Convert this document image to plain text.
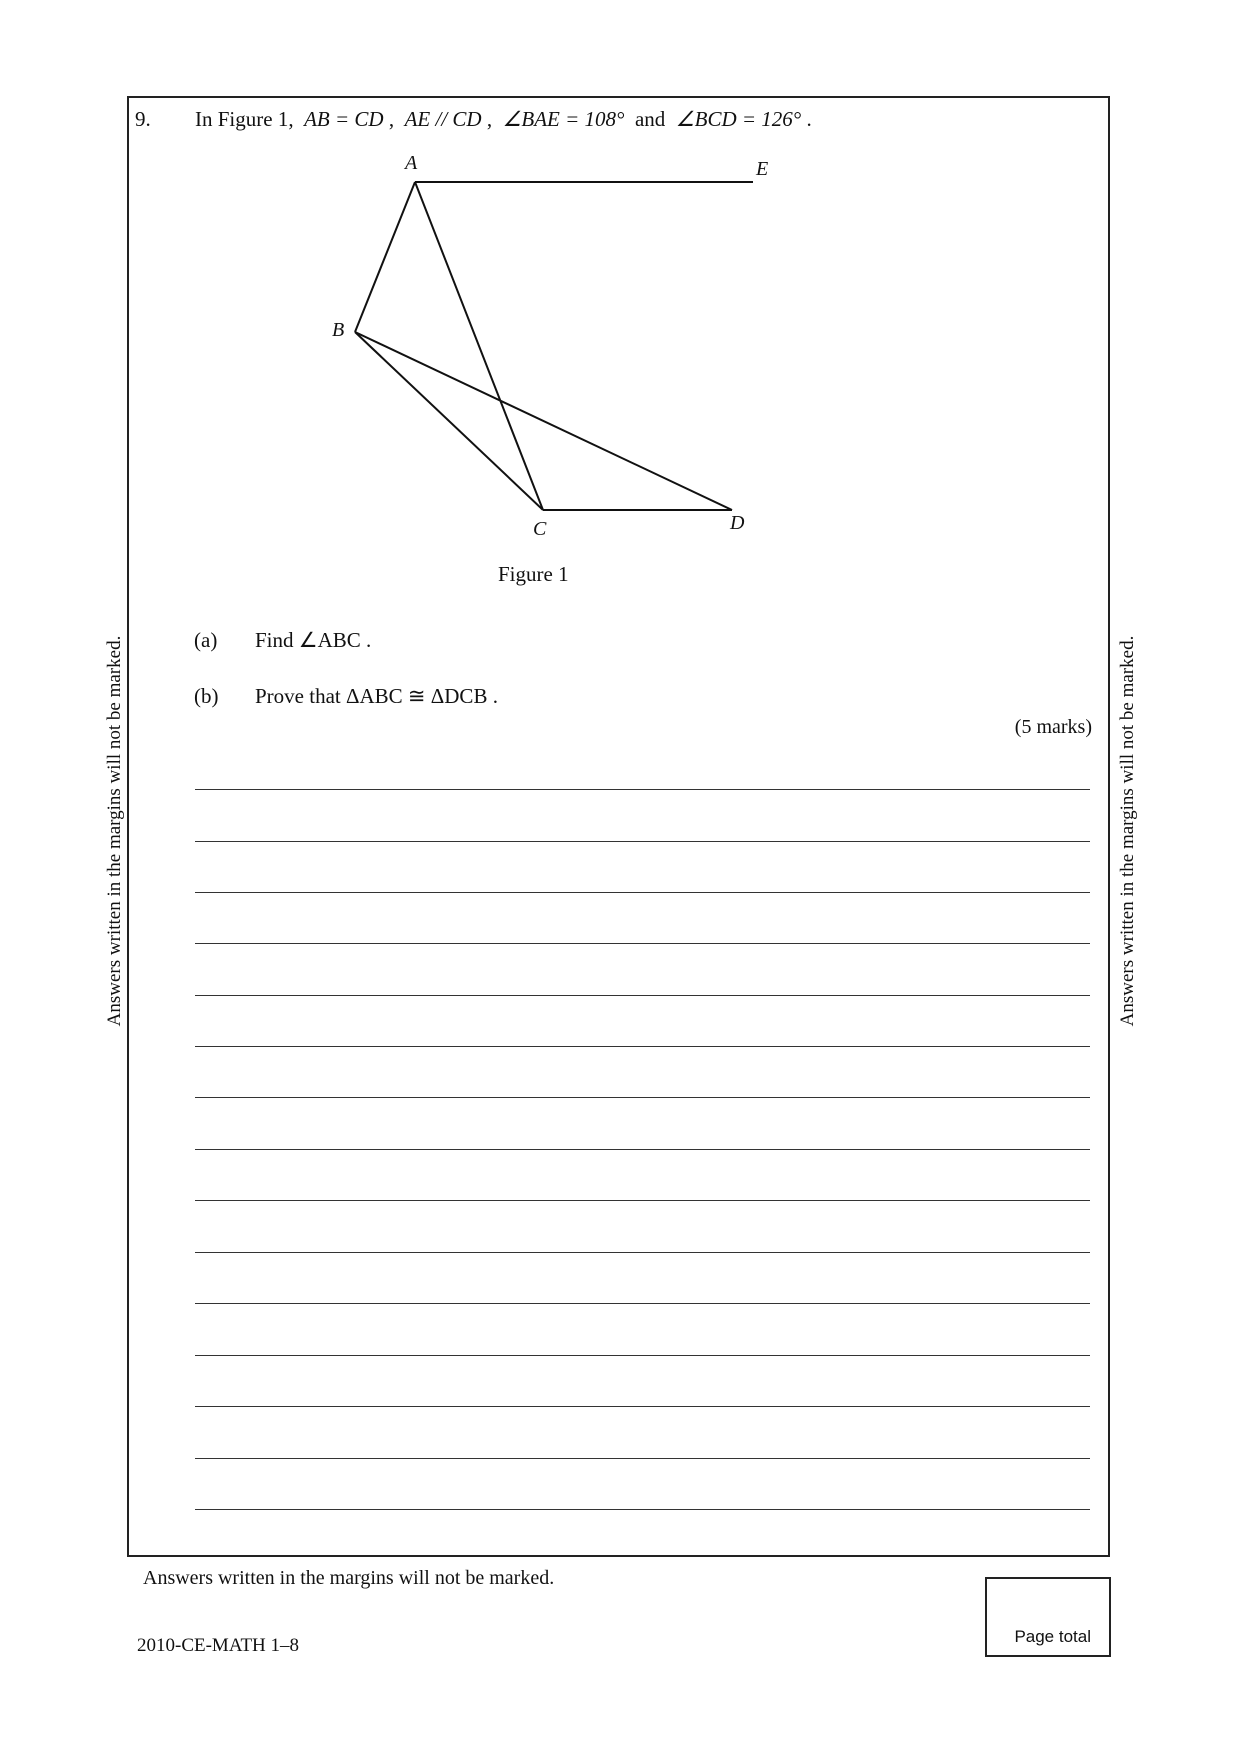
9. In Figure 1, AB = CD , AE // CD , ∠BAE = 108° and ∠BCD = 126° .
A	E
B
C	D
Figure 1
(a) Find ∠ABC .
(b) Prove that ΔABC ≅ ΔDCB .
(5 marks)
Answers written in the margins will not be marked.	Answers written in the margins will not be marked.
Answers written in the margins will not be marked.
2010-CE-MATH 1–8	Page total
